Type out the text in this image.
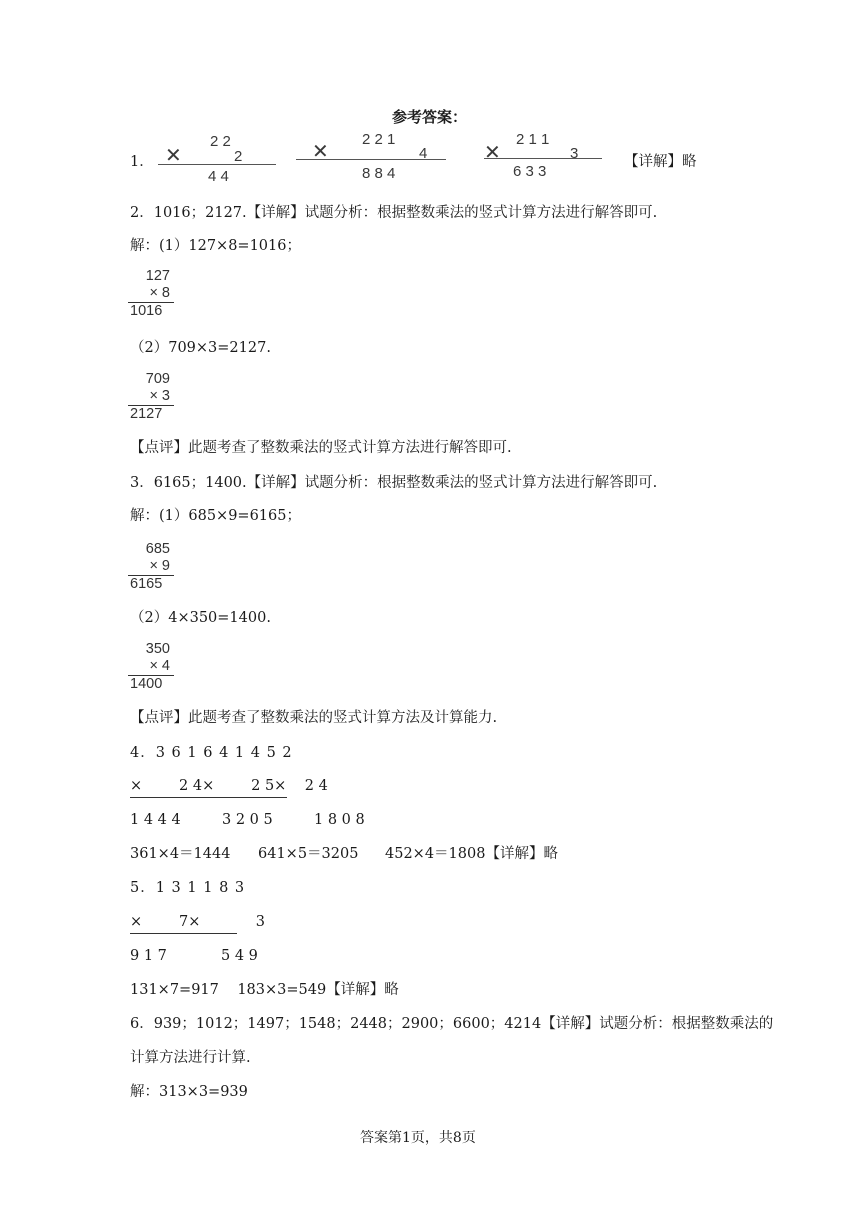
参考答案：
1． ✕
2 2
2
4 4
✕
2 2 1
4
8 8 4
✕
2 1 1
3
6 3 3
【详解】略
2．1016；2127.【详解】试题分析：根据整数乘法的竖式计算方法进行解答即可.
解：(1）127×8=1016；
127
× 8
1016
（2）709×3=2127.
709
× 3
2127
【点评】此题考查了整数乘法的竖式计算方法进行解答即可.
3．6165；1400.【详解】试题分析：根据整数乘法的竖式计算方法进行解答即可.
解：(1）685×9=6165；
685
× 9
6165
（2）4×350=1400.
350
× 4
1400
【点评】此题考查了整数乘法的竖式计算方法及计算能力.
4．3 6 1 6 4 1 4 5 2
×        2 4×        2 5×    2 4
1 4 4 4	3 2 0 5	1 8 0 8
361×4＝1444 641×5＝3205 452×4＝1808【详解】略
5．1 3 1 1 8 3
×        7×            3
9 1 7	5 4 9
131×7=917    183×3=549【详解】略
6．939；1012；1497；1548；2448；2900；6600；4214【详解】试题分析：根据整数乘法的
计算方法进行计算.
解：313×3=939
答案第1页，共8页
